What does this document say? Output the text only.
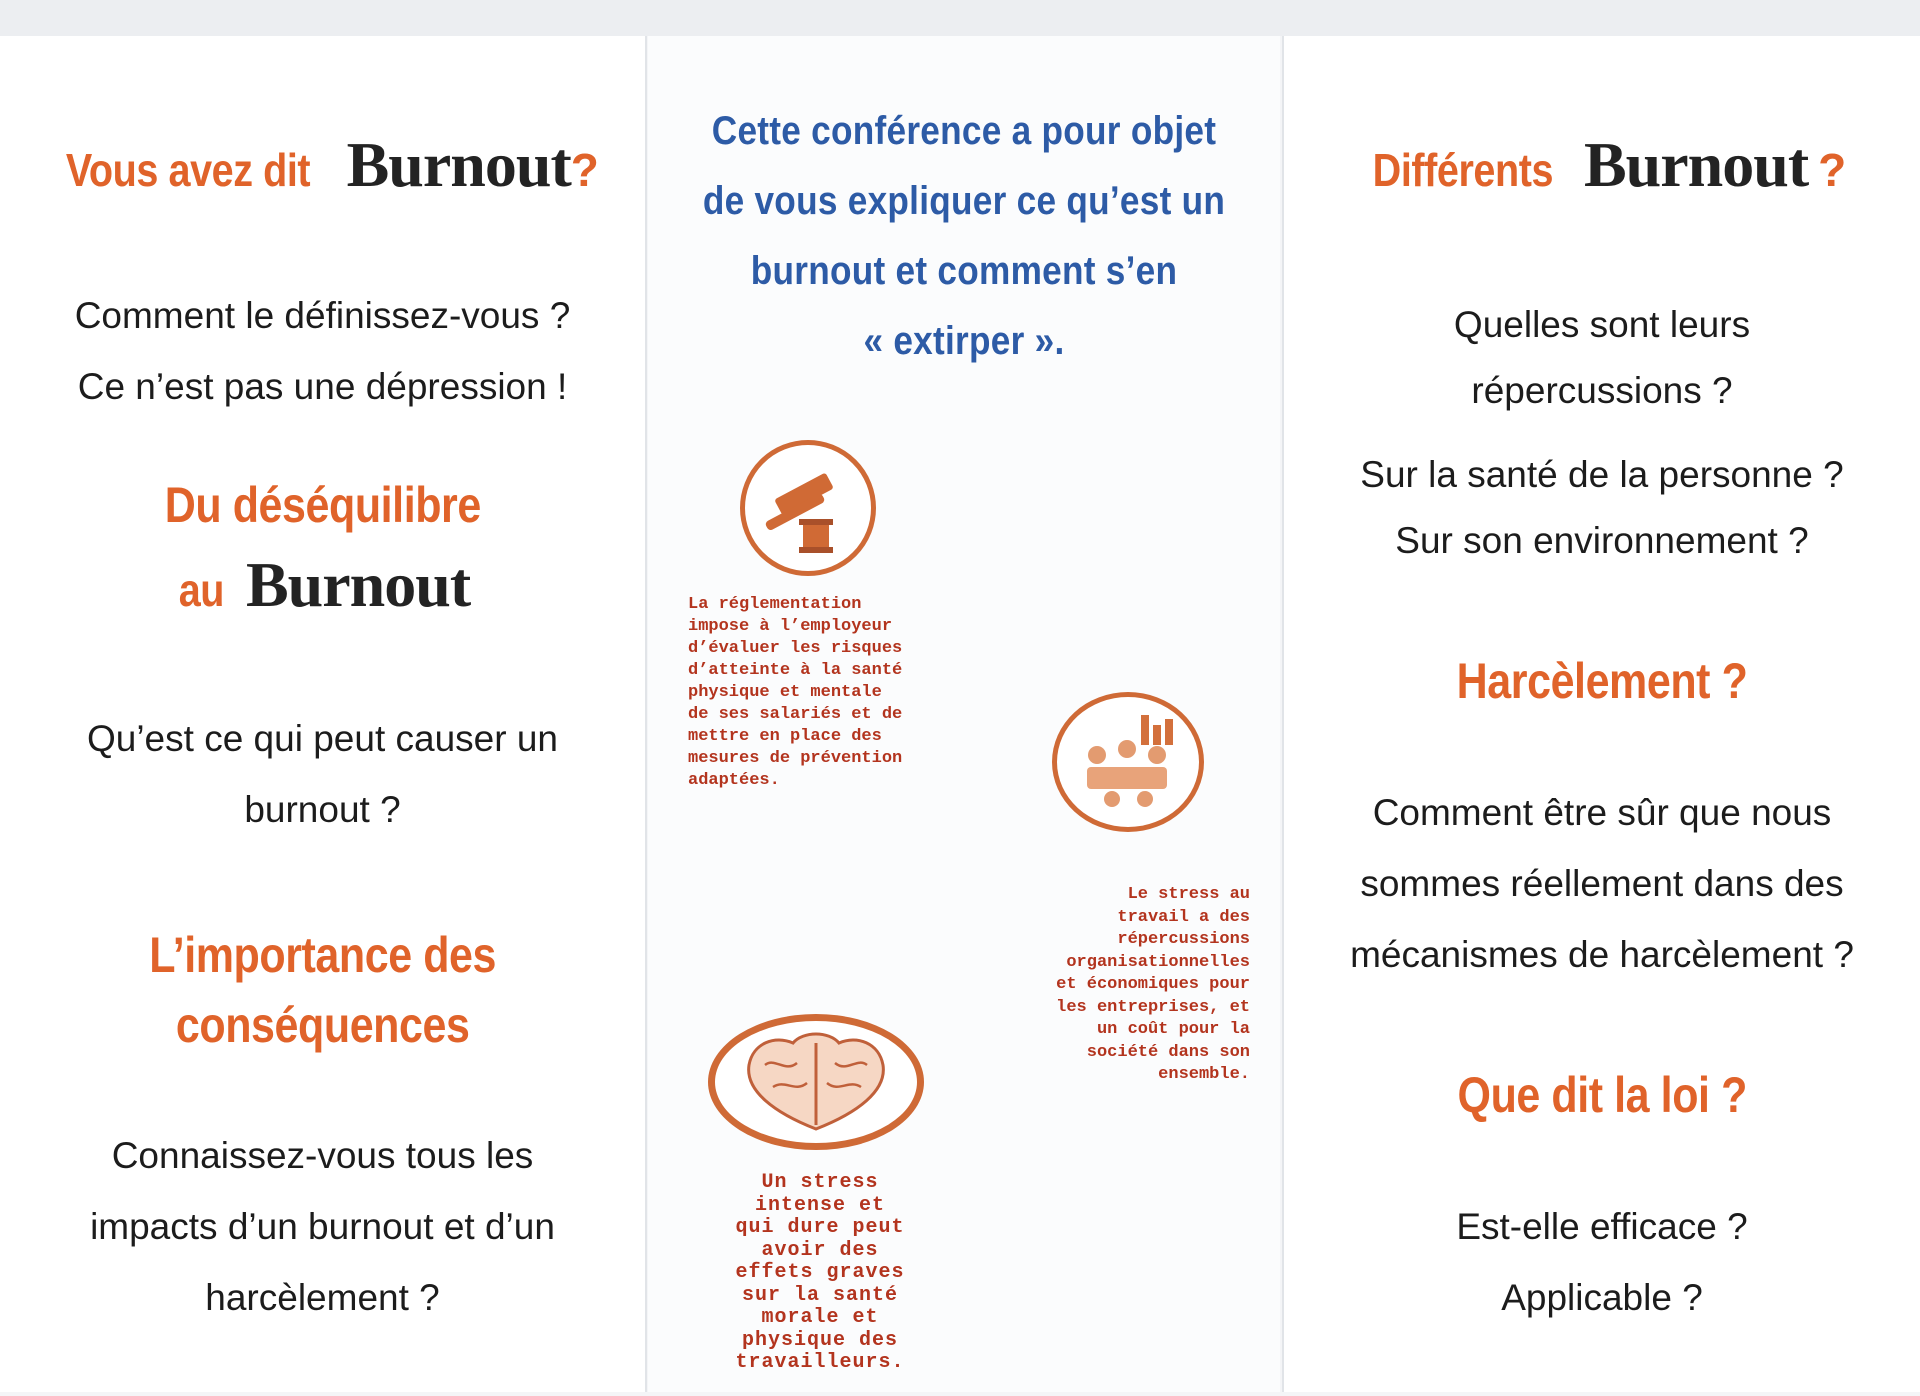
Vous avez dit Burnout?
Comment le définissez-vous ?
Ce n’est pas une dépression !
Du déséquilibre
au Burnout
Qu’est ce qui peut causer un
burnout ?
L’importance des
conséquences
Connaissez-vous tous les
impacts d’un burnout et d’un
harcèlement ?
Cette conférence a pour objet
de vous expliquer ce qu’est un
burnout et comment s’en
« extirper ».
La réglementation
impose à l’employeur
d’évaluer les risques
d’atteinte à la santé
physique et mentale
de ses salariés et de
mettre en place des
mesures de prévention
adaptées.
Le stress au
travail a des
répercussions
organisationnelles
et économiques pour
les entreprises, et
un coût pour la
société dans son
ensemble.
Un stress
intense et
qui dure peut
avoir des
effets graves
sur la santé
morale et
physique des
travailleurs.
Différents Burnout ?
Quelles sont leurs
répercussions ?
Sur la santé de la personne ?
Sur son environnement ?
Harcèlement ?
Comment être sûr que nous
sommes réellement dans des
mécanismes de harcèlement ?
Que dit la loi ?
Est-elle efficace ?
Applicable ?
